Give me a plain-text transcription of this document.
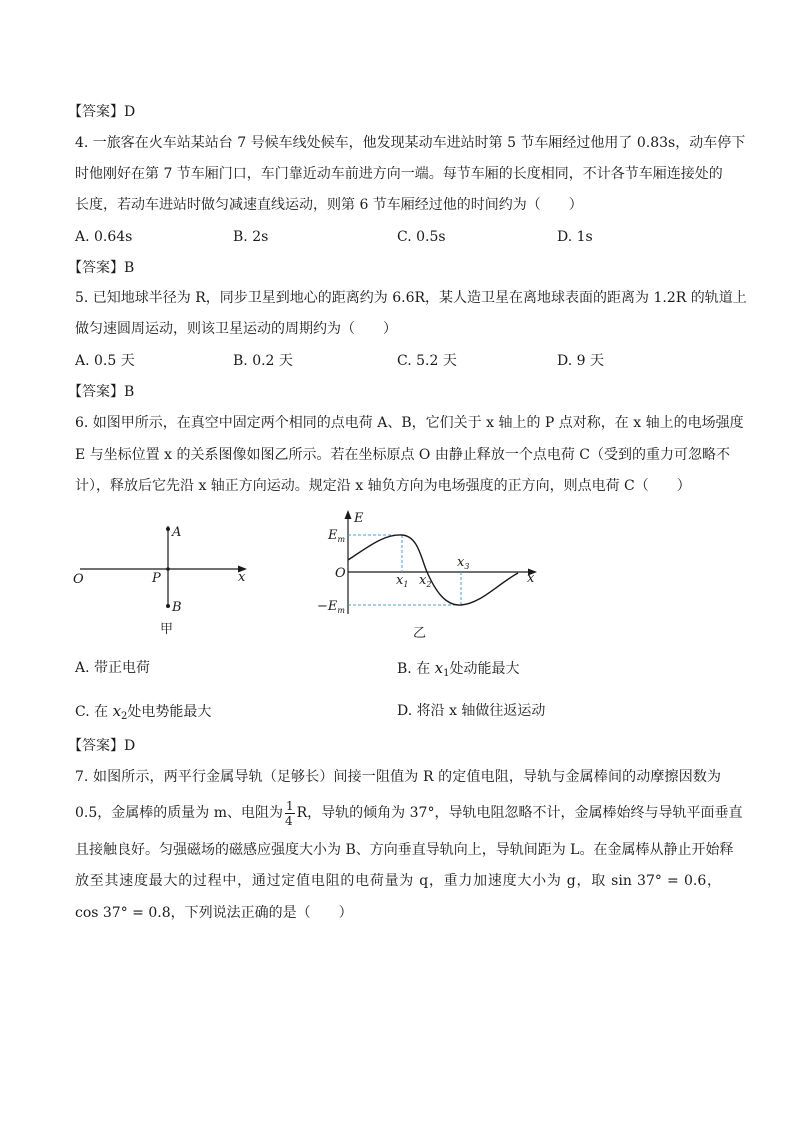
【答案】D
4. 一旅客在火车站某站台 7 号候车线处候车，他发现某动车进站时第 5 节车厢经过他用了 0.83s，动车停下
时他刚好在第 7 节车厢门口，车门靠近动车前进方向一端。每节车厢的长度相同，不计各节车厢连接处的
长度，若动车进站时做匀减速直线运动，则第 6 节车厢经过他的时间约为（　　）
A. 0.64s	B. 2s	C. 0.5s	D. 1s
【答案】B
5. 已知地球半径为 R，同步卫星到地心的距离约为 6.6R，某人造卫星在离地球表面的距离为 1.2R 的轨道上
做匀速圆周运动，则该卫星运动的周期约为（　　）
A. 0.5 天	B. 0.2 天	C. 5.2 天	D. 9 天
【答案】B
6. 如图甲所示，在真空中固定两个相同的点电荷 A、B，它们关于 x 轴上的 P 点对称，在 x 轴上的电场强度
E 与坐标位置 x 的关系图像如图乙所示。若在坐标原点 O 由静止释放一个点电荷 C（受到的重力可忽略不
计），释放后它先沿 x 轴正方向运动。规定沿 x 轴负方向为电场强度的正方向，则点电荷 C（　　）
A
B
P
O	x
甲
E
$E_m$
$-E_m$
O	$x_1$ $x_2$
$x_3$
x
乙
A. 带正电荷	B. 在 $x_1$处动能最大
C. 在 $x_2$处电势能最大	D. 将沿 x 轴做往返运动
【答案】D
7. 如图所示，两平行金属导轨（足够长）间接一阻值为 R 的定值电阻，导轨与金属棒间的动摩擦因数为
0.5，金属棒的质量为 m、电阻为 $\frac{1}{4}$ R，导轨的倾角为 37°，导轨电阻忽略不计，金属棒始终与导轨平面垂直
且接触良好。匀强磁场的磁感应强度大小为 B、方向垂直导轨向上，导轨间距为 L。在金属棒从静止开始释
放至其速度最大的过程中，通过定值电阻的电荷量为 q，重力加速度大小为 g，取 sin 37° = 0.6，
cos 37° = 0.8，下列说法正确的是（　　）
